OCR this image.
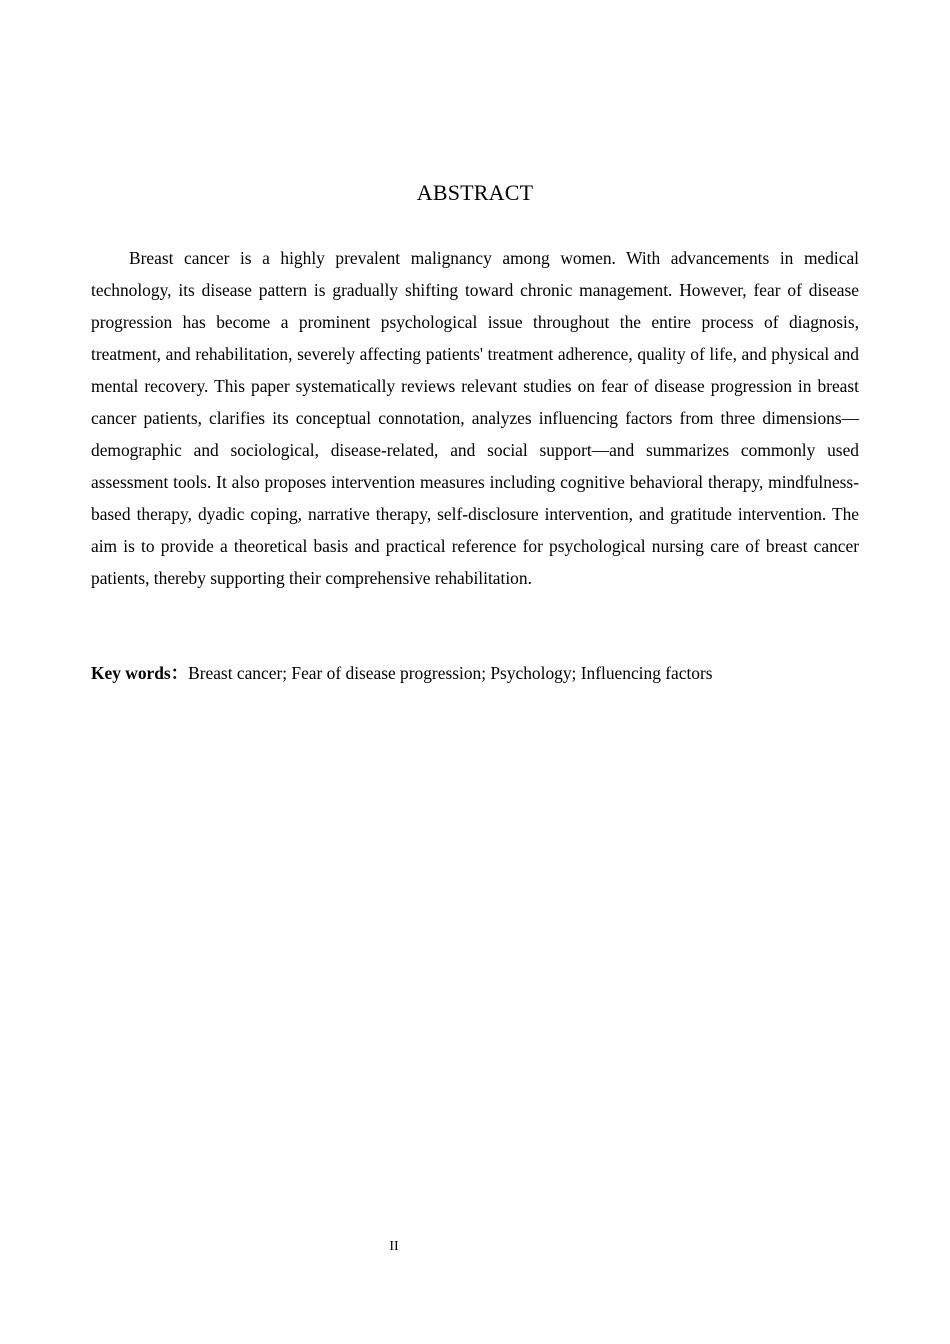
ABSTRACT

Breast cancer is a highly prevalent malignancy among women. With advancements in medical technology, its disease pattern is gradually shifting toward chronic management. However, fear of disease progression has become a prominent psychological issue throughout the entire process of diagnosis, treatment, and rehabilitation, severely affecting patients' treatment adherence, quality of life, and physical and mental recovery. This paper systematically reviews relevant studies on fear of disease progression in breast cancer patients, clarifies its conceptual connotation, analyzes influencing factors from three dimensions—demographic and sociological, disease-related, and social support—and summarizes commonly used assessment tools. It also proposes intervention measures including cognitive behavioral therapy, mindfulness-based therapy, dyadic coping, narrative therapy, self-disclosure intervention, and gratitude intervention. The aim is to provide a theoretical basis and practical reference for psychological nursing care of breast cancer patients, thereby supporting their comprehensive rehabilitation.

Key words：Breast cancer; Fear of disease progression; Psychology; Influencing factors

II
